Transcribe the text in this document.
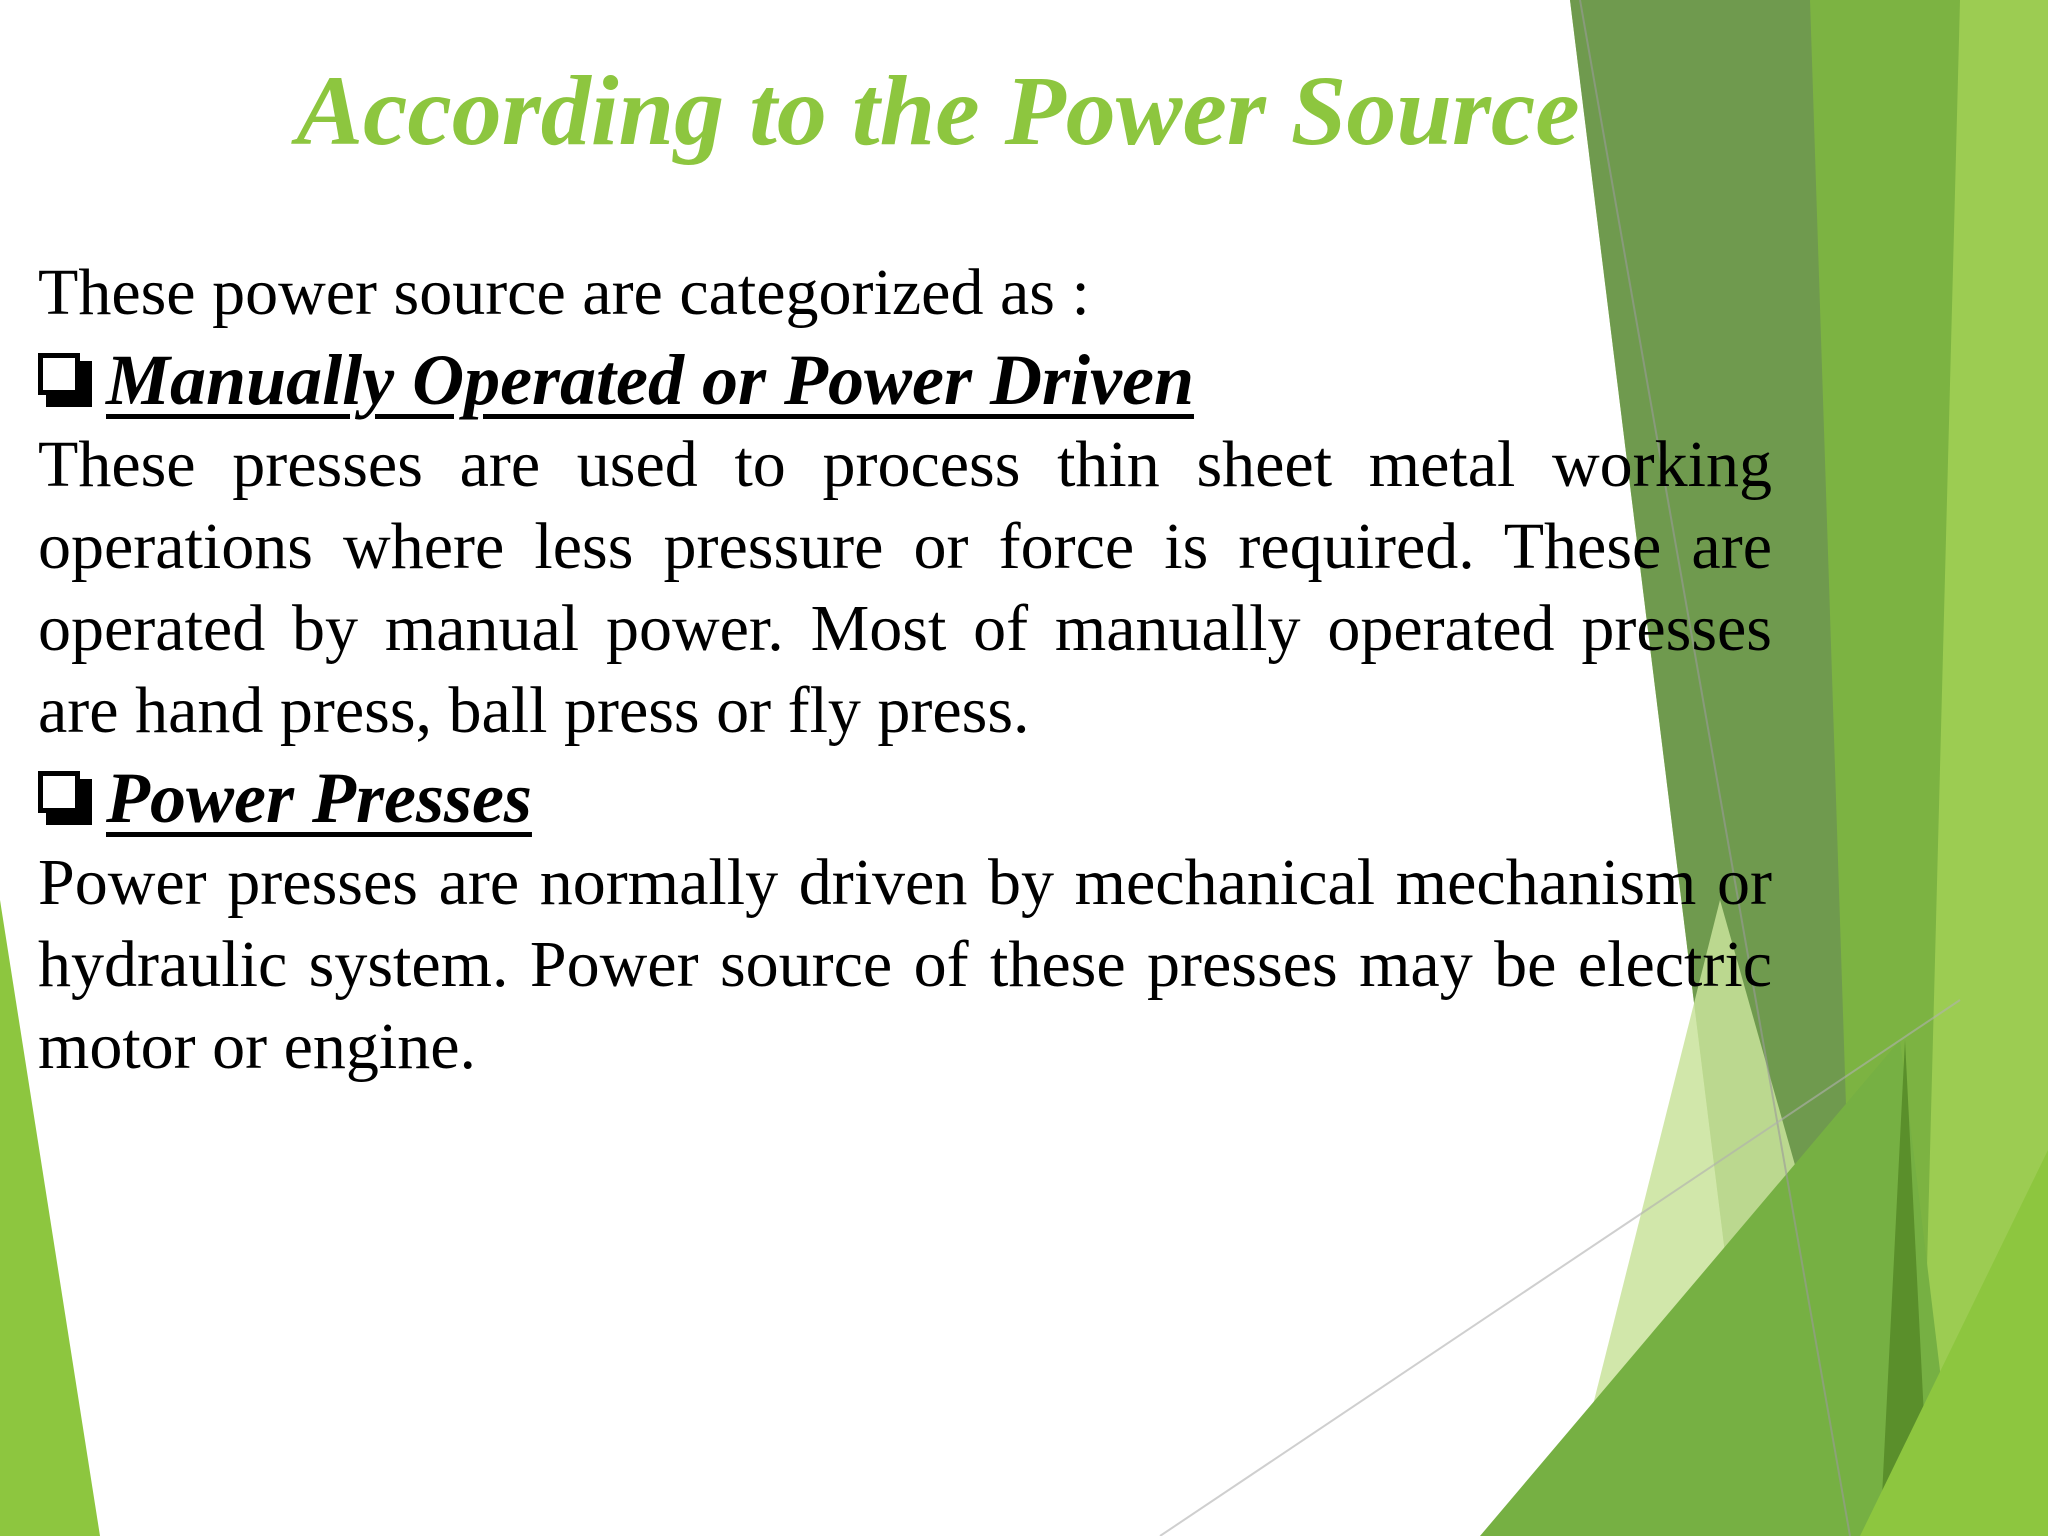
According to the Power Source

These power source are categorized as :

Manually Operated or Power Driven

These presses are used to process thin sheet metal working operations where less pressure or force is required. These are operated by manual power. Most of manually operated presses are hand press, ball press or fly press.

Power Presses

Power presses are normally driven by mechanical mechanism or hydraulic system. Power source of these presses may be electric motor or engine.
